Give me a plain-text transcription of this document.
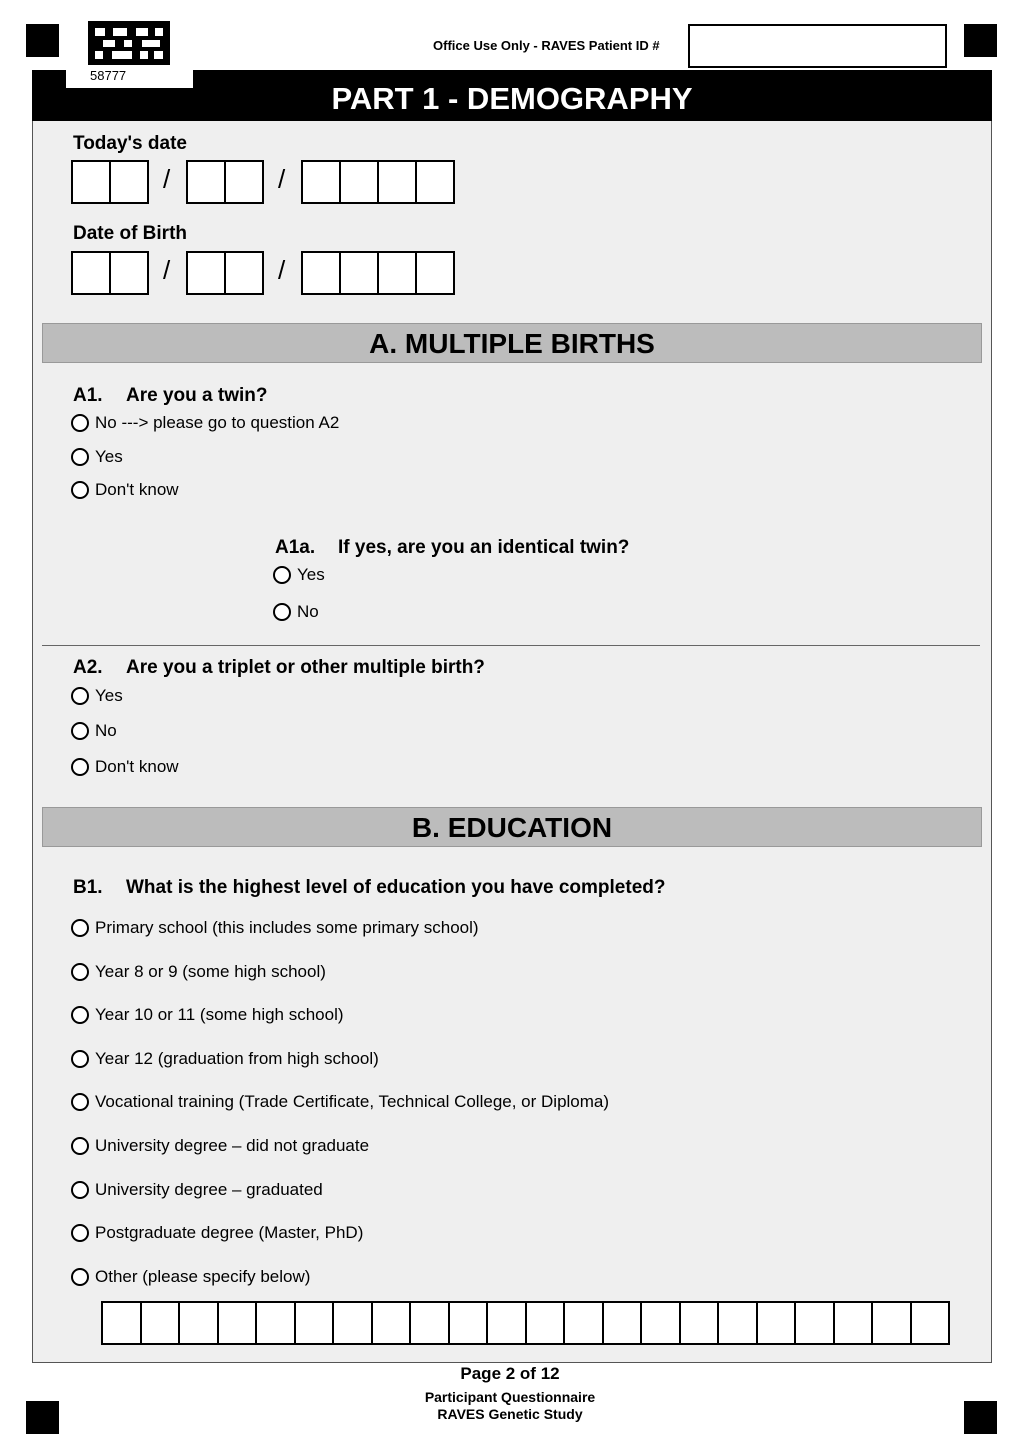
58777
Office Use Only - RAVES Patient ID #
PART 1 - DEMOGRAPHY
Today's date
/	/
Date of Birth
/	/
A. MULTIPLE BIRTHS
A1. Are you a twin?
No ---> please go to question A2
Yes
Don't know
A1a. If yes, are you an identical twin?
Yes
No
A2. Are you a triplet or other multiple birth?
Yes
No
Don't know
B. EDUCATION
B1. What is the highest level of education you have completed?
Primary school (this includes some primary school)
Year 8 or 9 (some high school)
Year 10 or 11 (some high school)
Year 12 (graduation from high school)
Vocational training (Trade Certificate, Technical College, or Diploma)
University degree – did not graduate
University degree – graduated
Postgraduate degree (Master, PhD)
Other (please specify below)
Page 2 of 12
Participant Questionnaire
RAVES Genetic Study
